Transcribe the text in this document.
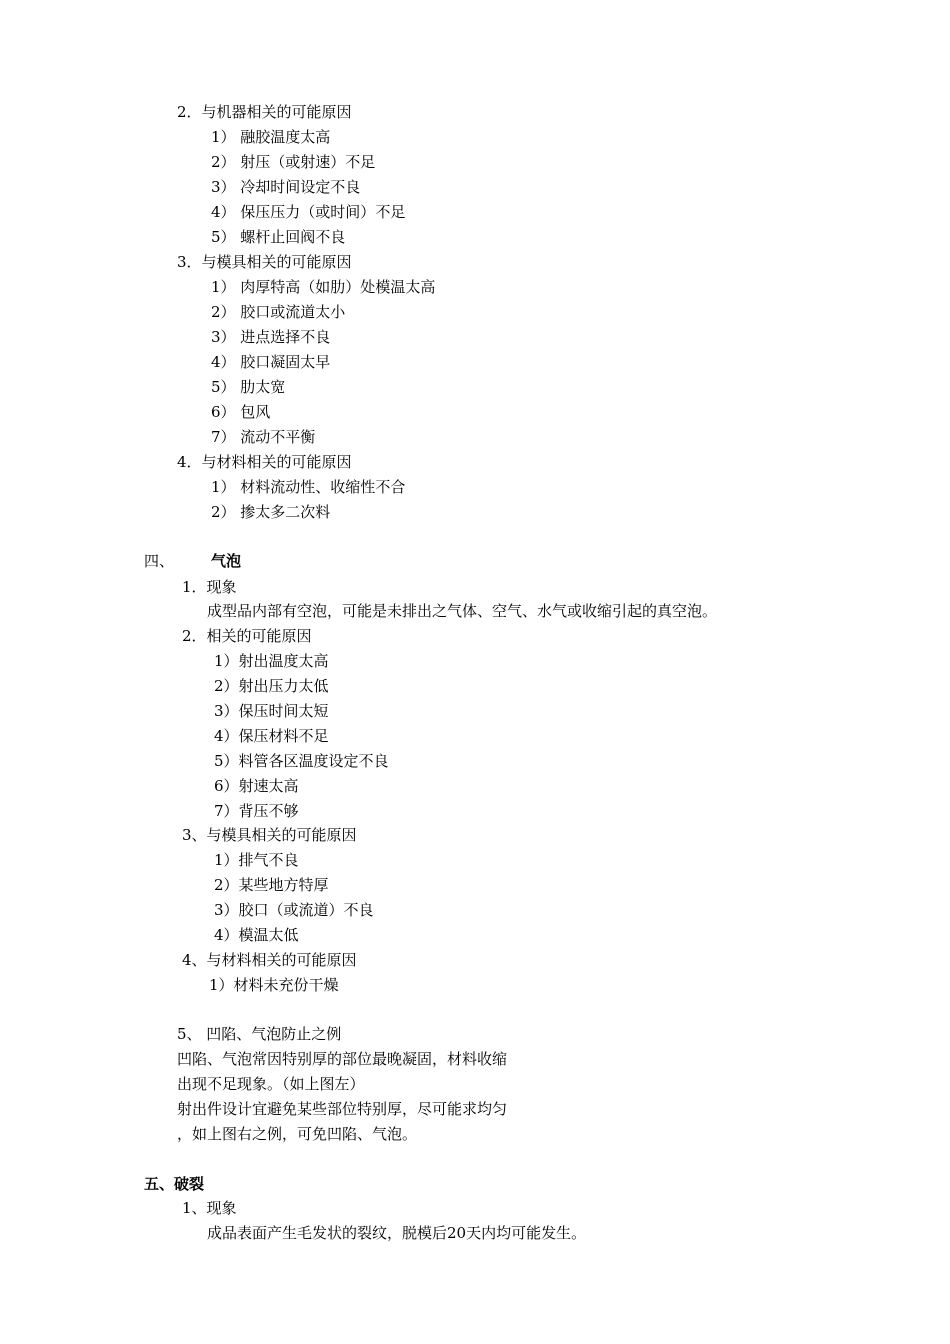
2．与机器相关的可能原因
1） 融胶温度太高
2） 射压（或射速）不足
3） 冷却时间设定不良
4） 保压压力（或时间）不足
5） 螺杆止回阀不良
3．与模具相关的可能原因
1） 肉厚特高（如肋）处模温太高
2） 胶口或流道太小
3） 进点选择不良
4） 胶口凝固太早
5） 肋太宽
6） 包风
7） 流动不平衡
4．与材料相关的可能原因
1） 材料流动性、收缩性不合
2） 掺太多二次料
四、 气泡
1．现象
成型品内部有空泡，可能是未排出之气体、空气、水气或收缩引起的真空泡。
2．相关的可能原因
1）射出温度太高
2）射出压力太低
3）保压时间太短
4）保压材料不足
5）料管各区温度设定不良
6）射速太高
7）背压不够
3、与模具相关的可能原因
1）排气不良
2）某些地方特厚
3）胶口（或流道）不良
4）模温太低
4、与材料相关的可能原因
1）材料未充份干燥
5、 凹陷、气泡防止之例
凹陷、气泡常因特别厚的部位最晚凝固，材料收缩
出现不足现象。（如上图左）
射出件设计宜避免某些部位特别厚，尽可能求均匀
，如上图右之例，可免凹陷、气泡。
五、破裂
1、现象
成品表面产生毛发状的裂纹，脱模后20天内均可能发生。
